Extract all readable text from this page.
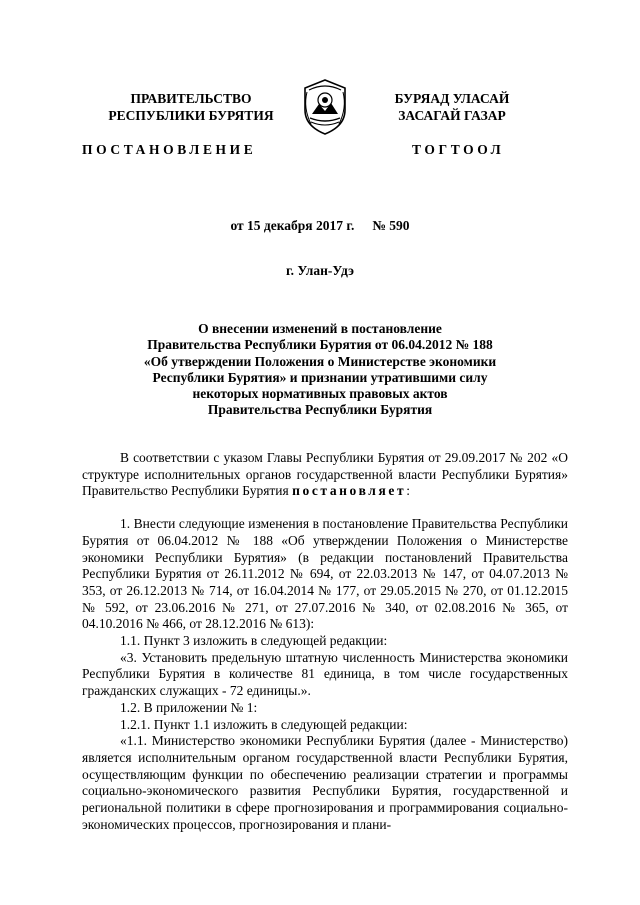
ПРАВИТЕЛЬСТВО
РЕСПУБЛИКИ БУРЯТИЯ
БУРЯАД УЛАСАЙ
ЗАСАГАЙ ГАЗАР
ПОСТАНОВЛЕНИЕ	ТОГТООЛ
от 15 декабря 2017 г. № 590
г. Улан-Удэ
О внесении изменений в постановление
Правительства Республики Бурятия от 06.04.2012 № 188
«Об утверждении Положения о Министерстве экономики
Республики Бурятия» и признании утратившими силу
некоторых нормативных правовых актов
Правительства Республики Бурятия

В соответствии с указом Главы Республики Бурятия от 29.09.2017 № 202 «О структуре исполнительных органов государственной власти Республики Бурятия» Правительство Республики Бурятия постановляет:

1. Внести следующие изменения в постановление Правительства Республики Бурятия от 06.04.2012 № 188 «Об утверждении Положения о Министерстве экономики Республики Бурятия» (в редакции постановлений Правительства Республики Бурятия от 26.11.2012 № 694, от 22.03.2013 № 147, от 04.07.2013 № 353, от 26.12.2013 № 714, от 16.04.2014 № 177, от 29.05.2015 № 270, от 01.12.2015 № 592, от 23.06.2016 № 271, от 27.07.2016 № 340, от 02.08.2016 № 365, от 04.10.2016 № 466, от 28.12.2016 № 613):

1.1. Пункт 3 изложить в следующей редакции:

«3. Установить предельную штатную численность Министерства экономики Республики Бурятия в количестве 81 единица, в том числе государственных гражданских служащих - 72 единицы.».

1.2. В приложении № 1:

1.2.1. Пункт 1.1 изложить в следующей редакции:

«1.1. Министерство экономики Республики Бурятия (далее - Министерство) является исполнительным органом государственной власти Республики Бурятия, осуществляющим функции по обеспечению реализации стратегии и программы социально-экономического развития Республики Бурятия, государственной и региональной политики в сфере прогнозирования и программирования социально-экономических процессов, прогнозирования и плани-
